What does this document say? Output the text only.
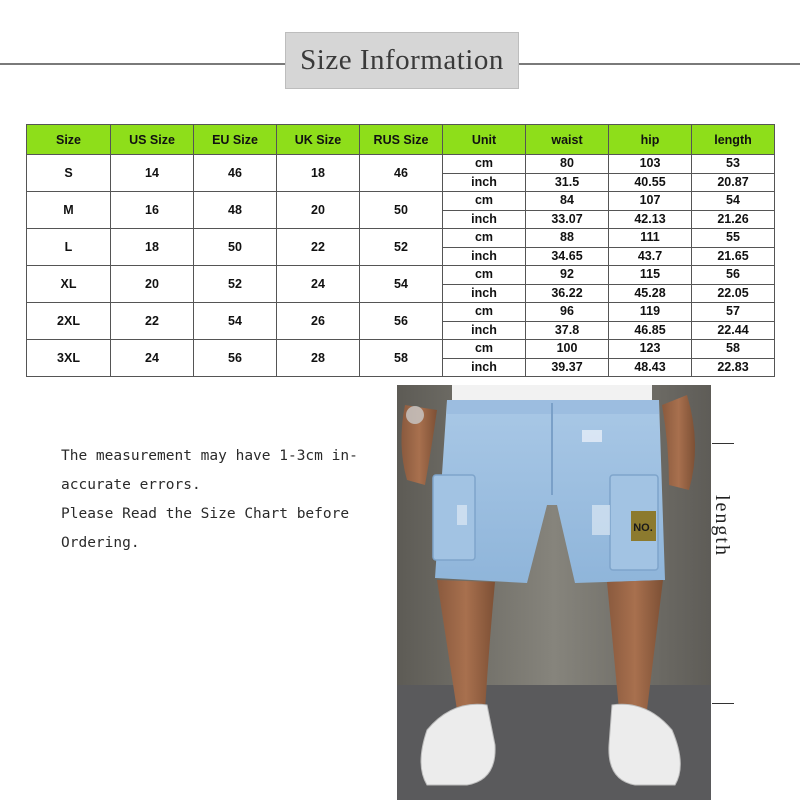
Size Information
Size	US Size	EU Size	UK Size	RUS Size	Unit	waist	hip	length
S	14	46	18	46	cm	80	103	53
					inch	31.5	40.55	20.87
M	16	48	20	50	cm	84	107	54
					inch	33.07	42.13	21.26
L	18	50	22	52	cm	88	111	55
					inch	34.65	43.7	21.65
XL	20	52	24	54	cm	92	115	56
					inch	36.22	45.28	22.05
2XL	22	54	26	56	cm	96	119	57
					inch	37.8	46.85	22.44
3XL	24	56	28	58	cm	100	123	58
					inch	39.37	48.43	22.83
The measurement may have 1-3cm in-
accurate errors.
Please Read the Size Chart before
Ordering.
NO.	length
